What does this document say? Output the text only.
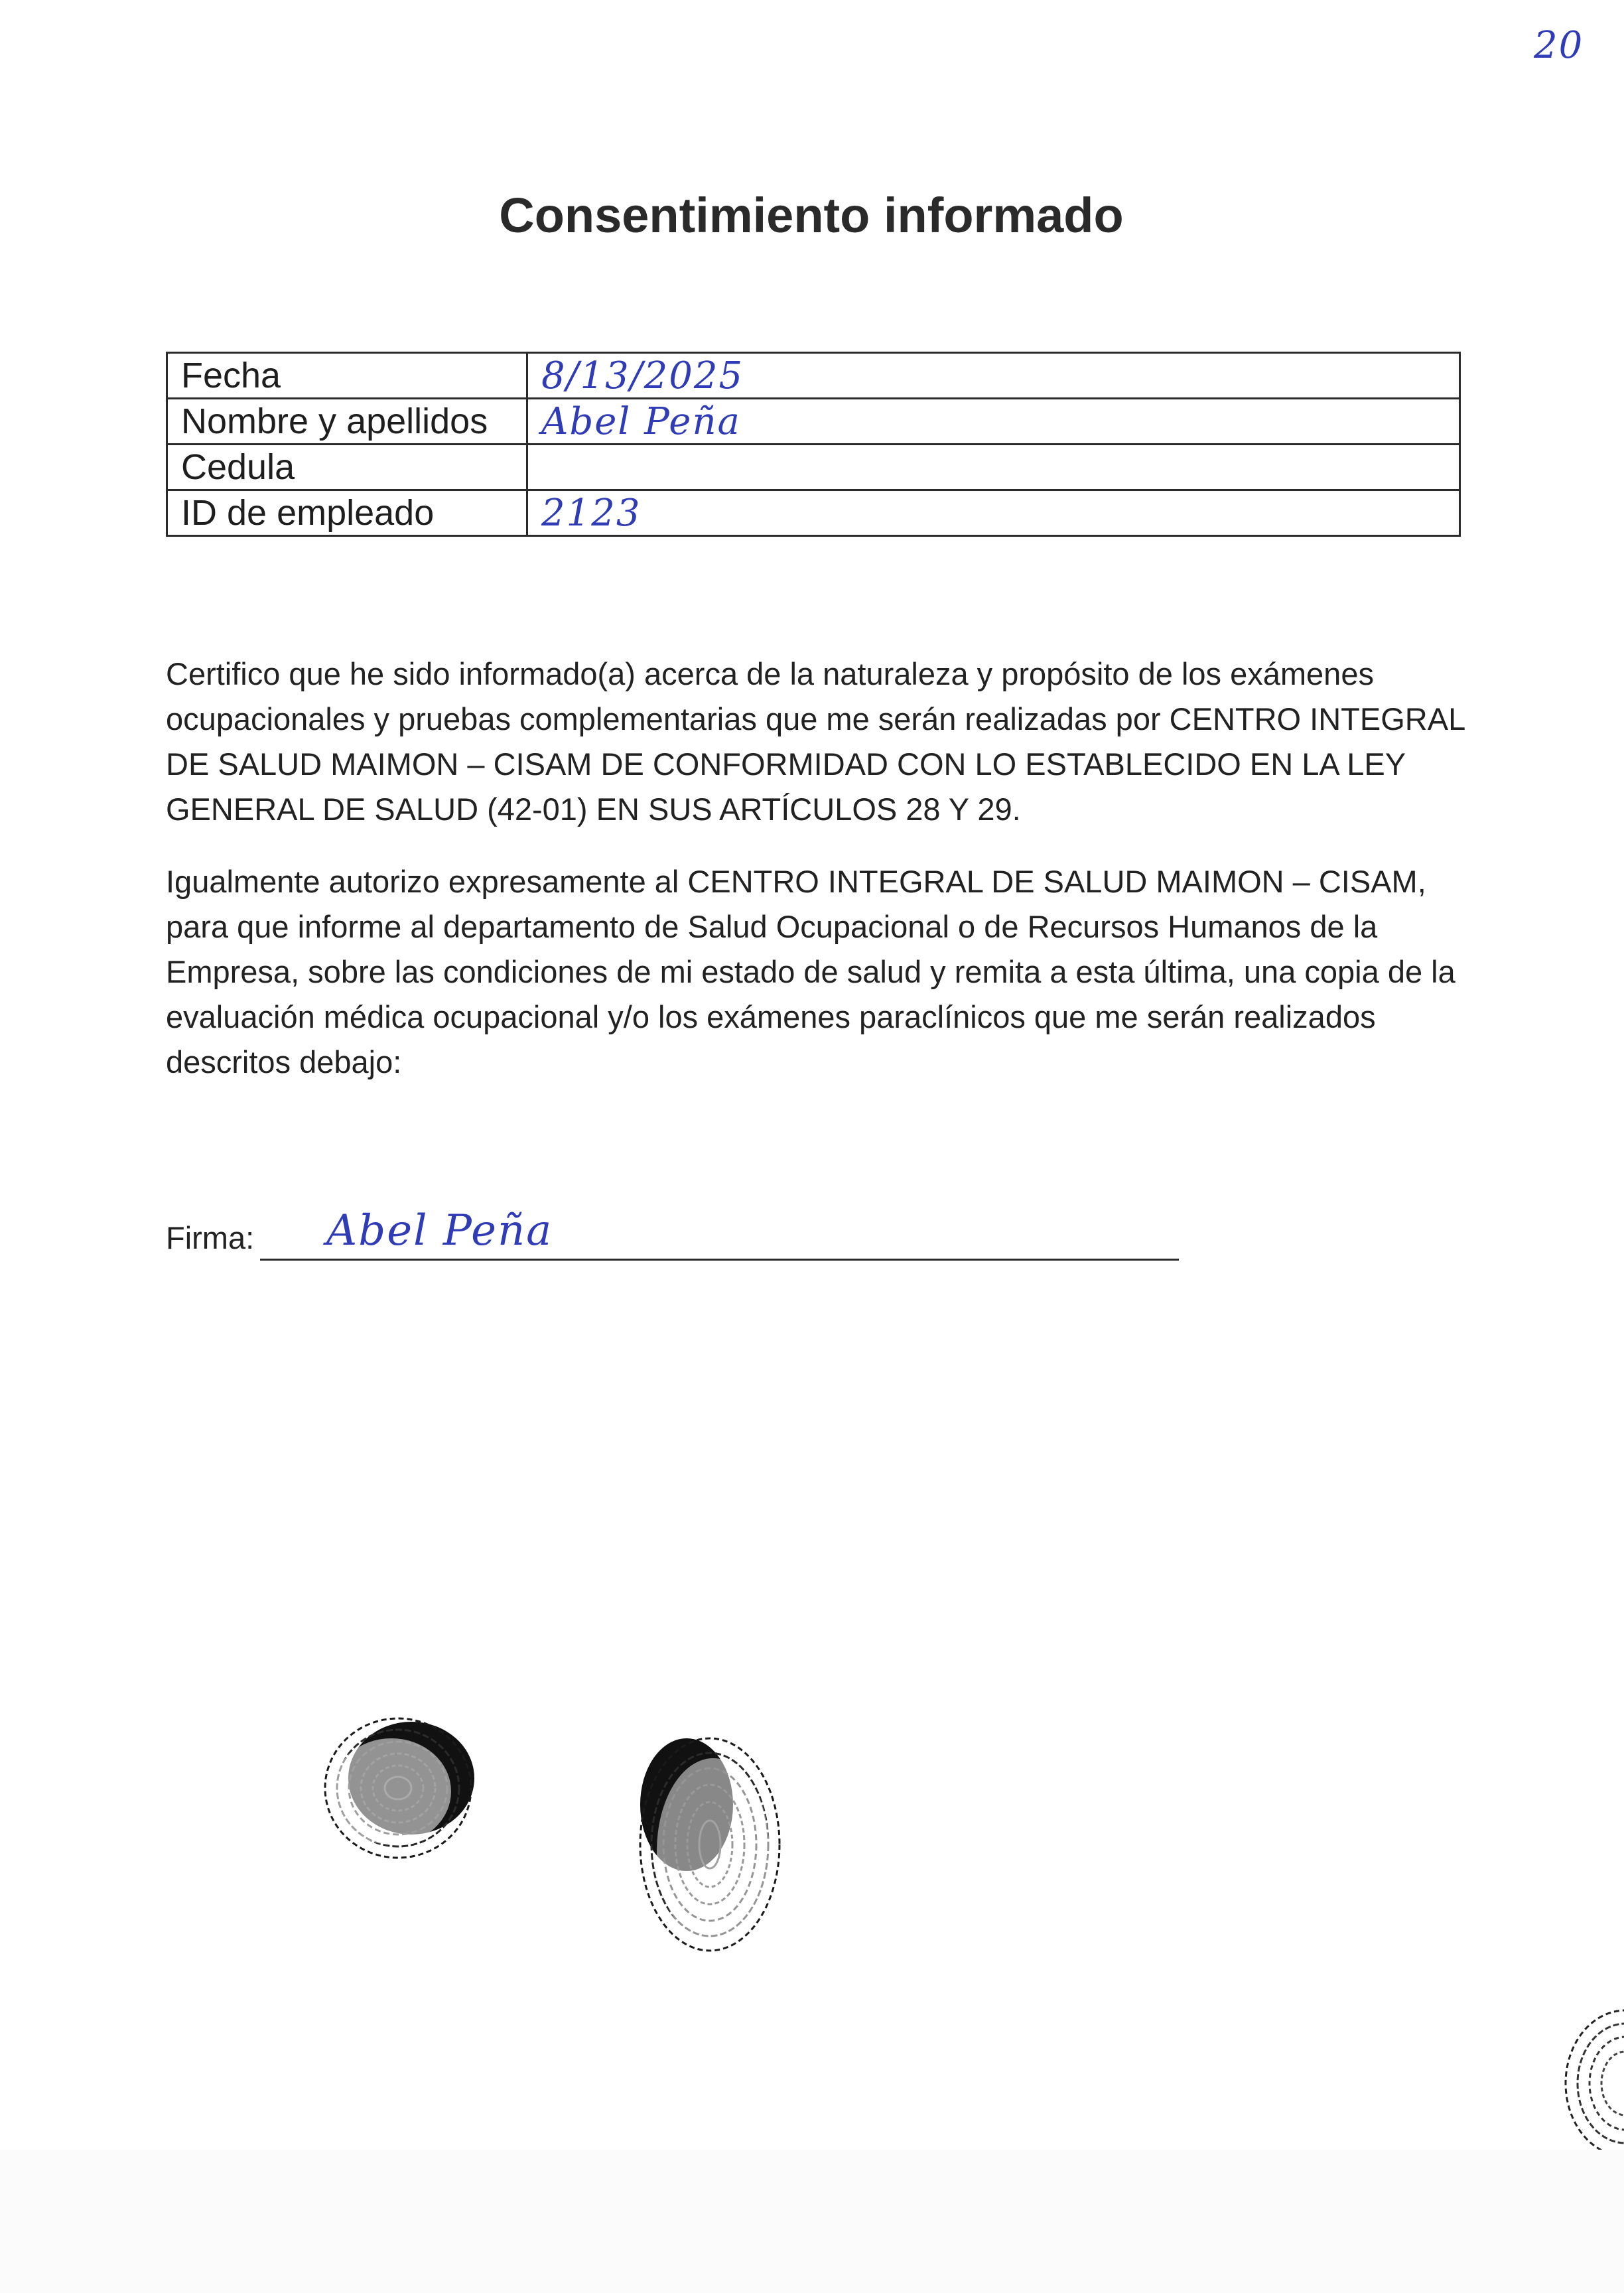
20
Consentimiento informado
Fecha	8/13/2025
Nombre y apellidos	Abel Peña
Cedula	
ID de empleado	2123

Certifico que he sido informado(a) acerca de la naturaleza y propósito de los exámenes ocupacionales y pruebas complementarias que me serán realizadas por CENTRO INTEGRAL DE SALUD MAIMON – CISAM DE CONFORMIDAD CON LO ESTABLECIDO EN LA LEY GENERAL DE SALUD (42-01) EN SUS ARTÍCULOS 28 Y 29.

Igualmente autorizo expresamente al CENTRO INTEGRAL DE SALUD MAIMON – CISAM, para que informe al departamento de Salud Ocupacional o de Recursos Humanos de la Empresa, sobre las condiciones de mi estado de salud y remita a esta última, una copia de la evaluación médica ocupacional y/o los exámenes paraclínicos que me serán realizados descritos debajo:

Firma: Abel Peña
